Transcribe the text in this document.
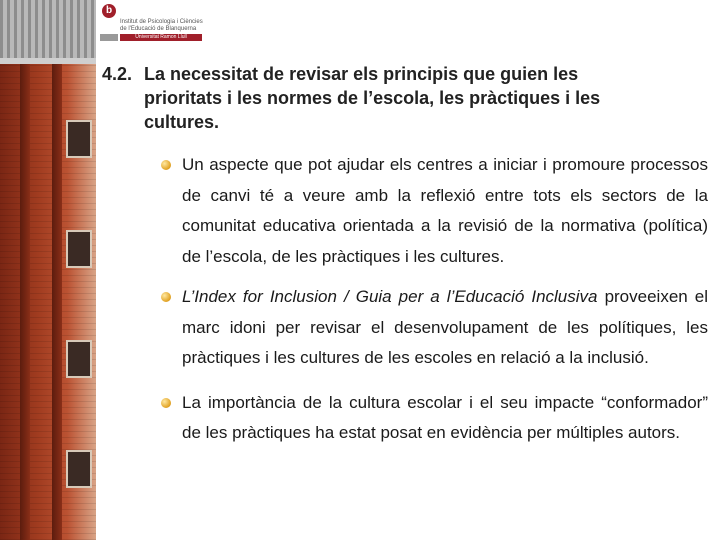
b
Institut de Psicologia i Ciències
de l'Educació de Blanquerna
Universitat Ramon Llull
4.2. La necessitat de revisar els principis que guien les
prioritats i les normes de l’escola, les pràctiques i les
cultures.
Un aspecte que pot ajudar els centres a iniciar i promoure processos de canvi té a veure amb la reflexió entre tots els sectors de la comunitat educativa orientada a la revisió de la normativa (política) de l’escola, de les pràctiques i les cultures.
L’Index for Inclusion / Guia per a l’Educació Inclusiva proveeixen el marc idoni per revisar el desenvolupament de les polítiques, les pràctiques i les cultures de les escoles en relació a la inclusió.
La importància de la cultura escolar i el seu impacte “conformador” de les pràctiques ha estat posat en evidència per múltiples autors.
